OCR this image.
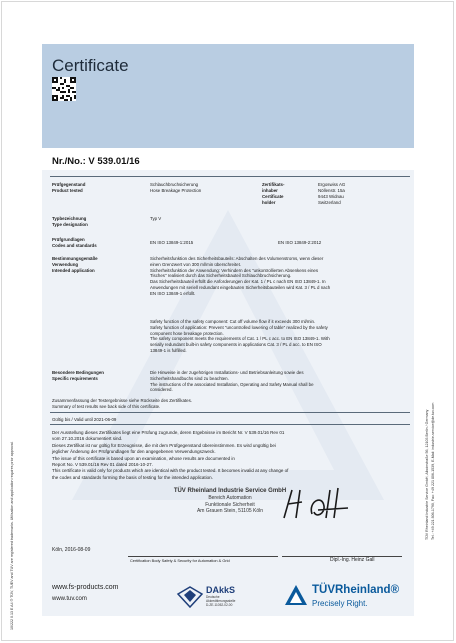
Certificate
Nr./No.: V 539.01/16
Prüfgegenstand
Product tested
Schlauchbruchsicherung
Hose Breakage Protection
Zertifikats-
inhaber
Certificate
holder
Ergoswiss AG
Nöllenstr. 15a
9443 Widnau
Switzerland
Typbezeichnung
Type designation
Typ V
Prüfgrundlagen
Codes and standards
EN ISO 13849-1:2015	EN ISO 13849-2:2012
Bestimmungsgemäße
Verwendung
Intended application
Sicherheitsfunktion des Sicherheitsbauteils: Abschalten des Volumenstroms, wenn dieser
einen Grenzwert von 300 ml/min überschreitet.
Sicherheitsfunktion der Anwendung: Verhindern des "unkontrollierten Absenkens eines
Tisches" realisiert durch das Sicherheitsbauteil Schlauchbruchsicherung.
Das Sicherheitsbauteil erfüllt die Anforderungen der Kat. 1 / PL c nach EN ISO 13849-1. In
Anwendungen mit seriell redundant eingebauten Sicherheitsbauteilen wird Kat. 3 / PL d nach
EN ISO 13849-1 erfüllt.
Safety function of the safety component: Cut off volume flow if it exceeds 300 ml/min.
Safety function of application: Prevent "uncontrolled lowering of table" realized by the safety
component hose breakage protection.
The safety component meets the requirements of Cat. 1 / PL c acc. to EN ISO 13849-1. With
serially redundant built-in safety components in applications Cat. 3 / PL d acc. to EN ISO
13849-1 is fulfilled.
Besondere Bedingungen
Specific requirements
Die Hinweise in der zugehörigen Installations- und Betriebsanleitung sowie des
Sicherheitshandbuchs sind zu beachten.
The instructions of the associated Installation, Operating and Safety Manual shall be
considered.
Zusammenfassung der Testergebnisse siehe Rückseite des Zertifikates.
Summary of test results see back side of this certificate.
Gültig bis / Valid until 2021-06-09
Der Ausstellung dieses Zertifikates liegt eine Prüfung zugrunde, deren Ergebnisse im Bericht Nr. V 539.01/16 Rev 01
vom 27.10.2016 dokumentiert sind.
Dieses Zertifikat ist nur gültig für Erzeugnisse, die mit dem Prüfgegenstand übereinstimmen. Es wird ungültig bei
jeglicher Änderung der Prüfgrundlagen für den angegebenen Verwendungszweck.
The issue of this certificate is based upon an examination, whose results are documented in
Report No. V 539.01/16 Rev 01 dated 2016-10-27.
This certificate is valid only for products which are identical with the product tested. It becomes invalid at any change of
the codes and standards forming the basis of testing for the intended application.
TÜV Rheinland Industrie Service GmbH
Bereich Automation
Funktionale Sicherheit
Am Grauen Stein, 51105 Köln
Köln, 2016-08-09
Certification Body Safety & Security for Automation & Grid	Dipl.-Ing. Heinz Gall
10/222 0.13 E A4 ® TÜV, TUEV and TUV are registered trademarks. Utilisation and application requires prior approval.	TÜV Rheinland Industrie Service GmbH, Alboinstraße 56, 12103 Berlin / Germany Tel.: +49 221 806-1790, Fax: +49 221 806-1539, E-Mail: industrie-service@de.tuv.com
www.fs-products.com
www.tuv.com
DAkkS
Deutsche
Akkreditierungsstelle
D-ZE-11052-02-00
TÜVRheinland®
Precisely Right.
